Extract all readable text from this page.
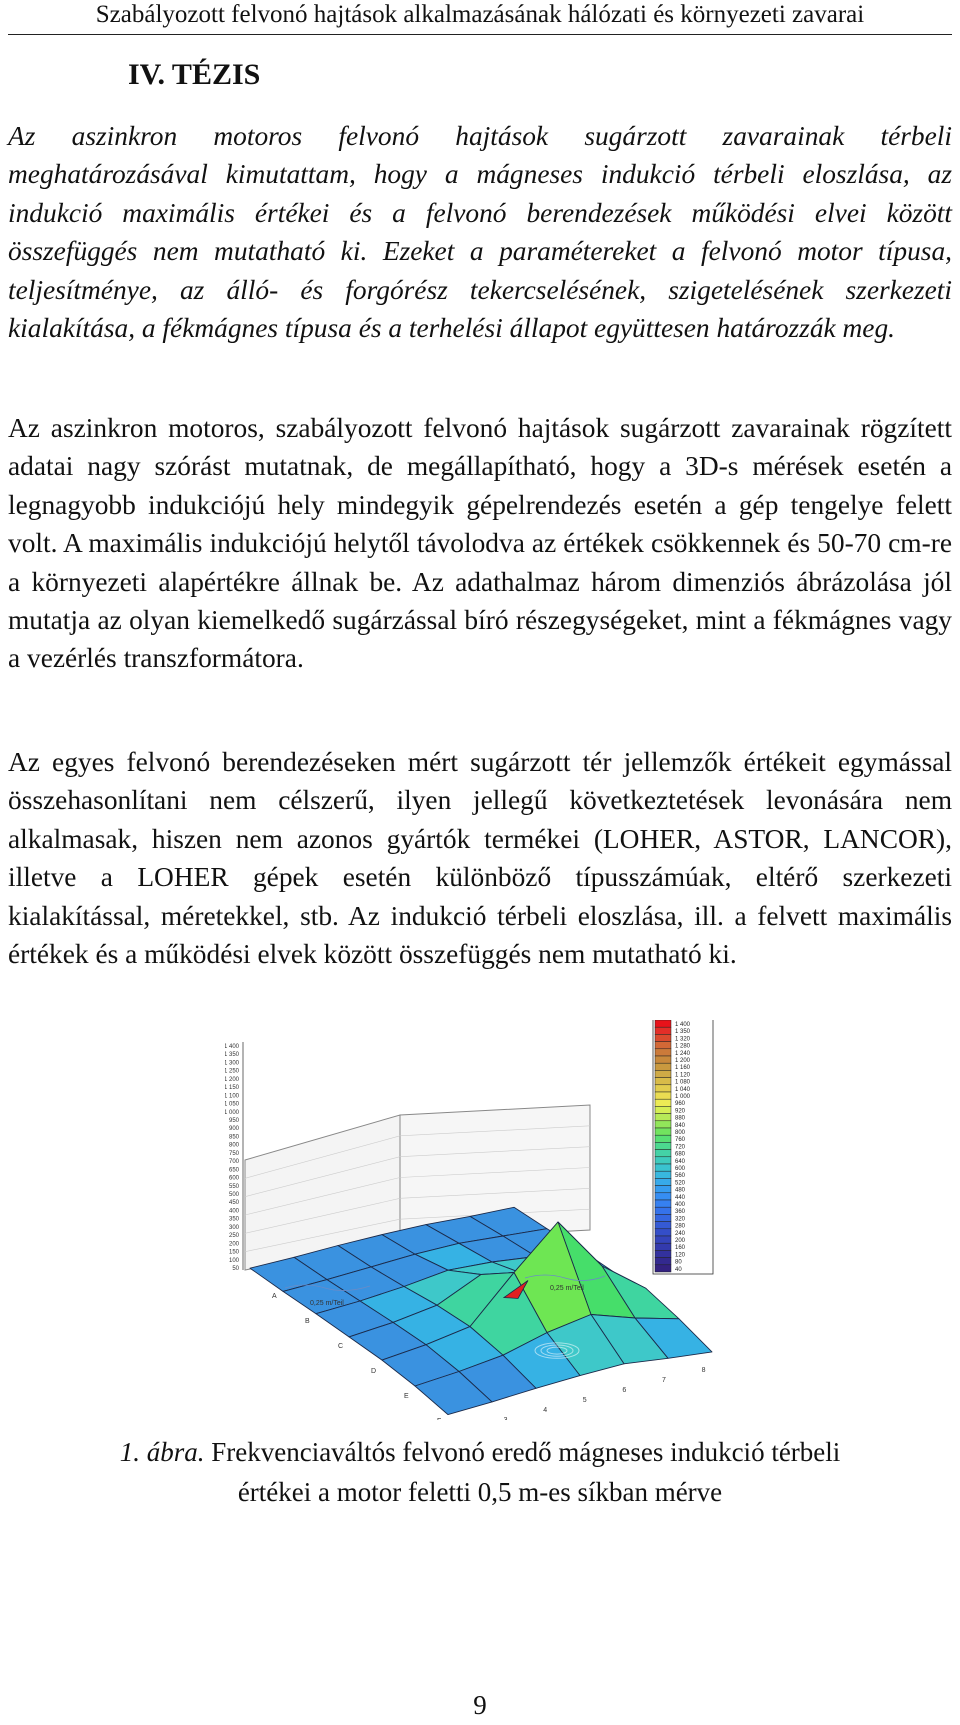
Szabályozott felvonó hajtások alkalmazásának hálózati és környezeti zavarai
IV. TÉZIS

Az aszinkron motoros felvonó hajtások sugárzott zavarainak térbeli meghatározásával kimutattam, hogy a mágneses indukció térbeli eloszlása, az indukció maximális értékei és a felvonó berendezések működési elvei között összefüggés nem mutatható ki. Ezeket a paramétereket a felvonó motor típusa, teljesítménye, az álló- és forgórész tekercselésének, szigetelésének szerkezeti kialakítása, a fékmágnes típusa és a terhelési állapot együttesen határozzák meg.

Az aszinkron motoros, szabályozott felvonó hajtások sugárzott zavarainak rögzített adatai nagy szórást mutatnak, de megállapítható, hogy a 3D-s mérések esetén a legnagyobb indukciójú hely mindegyik gépelrendezés esetén a gép tengelye felett volt. A maximális indukciójú helytől távolodva az értékek csökkennek és 50-70 cm-re a környezeti alapértékre állnak be. Az adathalmaz három dimenziós ábrázolása jól mutatja az olyan kiemelkedő sugárzással bíró részegységeket, mint a fékmágnes vagy a vezérlés transzformátora.

Az egyes felvonó berendezéseken mért sugárzott tér jellemzők értékeit egymással összehasonlítani nem célszerű, ilyen jellegű következtetések levonására nem alkalmasak, hiszen nem azonos gyártók termékei (LOHER, ASTOR, LANCOR), illetve a LOHER gépek esetén különböző típusszámúak, eltérő szerkezeti kialakítással, méretekkel, stb. Az indukció térbeli eloszlása, ill. a felvett maximális értékek és a működési elvek között összefüggés nem mutatható ki.

1 400
1 350
1 300
1 250
1 200
1 150
1 100
1 050
1 000
950
900
850
800
750
700
650
600
550
500
450
400
350
300
250
200
150
100
50
A
B
C
D
E
4
5
6
7
8
0,25 m/Teil
0,25 m/Teil
1 400
1 350
1 320
1 280
1 240
1 200
1 160
1 120
1 080
1 040
1 000
960
920
880
840
800
760
720
680
640
600
560
520
480
440
400
360
320
280
240
200
160
120
80
40
1. ábra. Frekvenciaváltós felvonó eredő mágneses indukció térbeli
értékei a motor feletti 0,5 m-es síkban mérve
9
